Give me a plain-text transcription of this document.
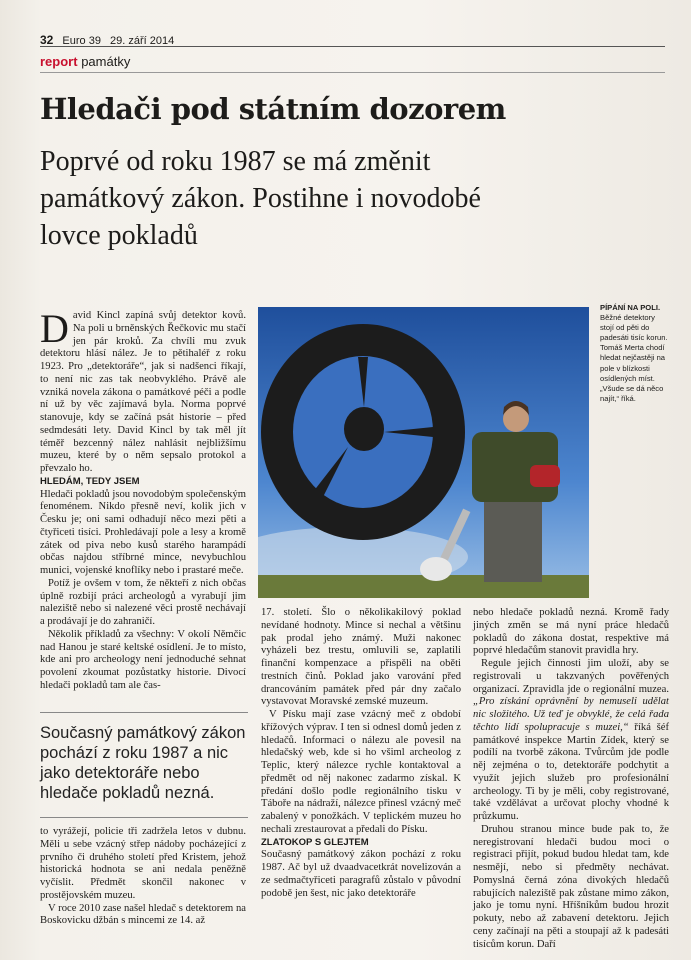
32 Euro 39 29. září 2014
report památky
Hledači pod státním dozorem
Poprvé od roku 1987 se má změnit památkový zákon. Postihne i novodobé lovce pokladů

David Kincl zapíná svůj detektor kovů. Na poli u brněnských Řečkovic mu stačí jen pár kroků. Za chvíli mu zvuk detektoru hlásí nález. Je to pětihaléř z roku 1923. Pro „detektoráře“, jak si nadšenci říkají, to není nic zas tak neobvyklého. Právě ale vzniká novela zákona o památkové péči a podle ní už by věc zajímavá byla. Norma poprvé stanovuje, kdy se začíná psát historie – před sedmdesáti lety. David Kincl by tak měl jít téměř bezcenný nález nahlásit nejbližšímu muzeu, které by o něm sepsalo protokol a převzalo ho.

HLEDÁM, TEDY JSEM

Hledači pokladů jsou novodobým společenským fenoménem. Nikdo přesně neví, kolik jich v Česku je; oni sami odhadují něco mezi pěti a čtyřiceti tisíci. Prohledávají pole a lesy a kromě zátek od piva nebo kusů starého harampádí občas najdou stříbrné mince, nevybuchlou munici, vojenské knoflíky nebo i prastaré meče.

Potíž je ovšem v tom, že někteří z nich občas úplně rozbijí práci archeologů a vyrabují jim naleziště nebo si nalezené věci prostě nechávají a prodávají je do zahraničí.

Několik příkladů za všechny: V okolí Němčic nad Hanou je staré keltské osídlení. Je to místo, kde ani pro archeology není jednoduché sehnat povolení zkoumat pozůstatky historie. Divocí hledači pokladů tam ale čas-

Současný památkový zákon pochází z roku 1987 a nic jako detektoráře nebo hledače pokladů nezná.

to vyrážejí, policie tři zadržela letos v dubnu. Měli u sebe vzácný střep nádoby pocházející z prvního či druhého století před Kristem, jehož historická hodnota se ani nedala peněžně vyčíslit. Předmět skončil nakonec v prostějovském muzeu.

V roce 2010 zase našel hledač s detektorem na Boskovicku džbán s mincemi ze 14. až

PÍPÁNÍ NA POLI. Běžné detektory stojí od pěti do padesáti tisíc korun. Tomáš Merta chodí hledat nejčastěji na pole v blízkosti osídlených míst. „Všude se dá něco najít,“ říká.

17. století. Šlo o několikakilový poklad nevídané hodnoty. Mince si nechal a většinu pak prodal jeho známý. Muži nakonec vyházeli bez trestu, omluvili se, zaplatili finanční kompenzace a přispěli na oběti trestních činů. Poklad jako varování před drancováním památek před pár dny začalo vystavovat Moravské zemské muzeum.

V Písku mají zase vzácný meč z období křížových výprav. I ten si odnesl domů jeden z hledačů. Informaci o nálezu ale povesil na hledačský web, kde si ho všiml archeolog z Teplic, který nálezce rychle kontaktoval a předmět od něj nakonec zadarmo získal. K předání došlo podle regionálního tisku v Táboře na nádraží, nálezce přinesl vzácný meč zabalený v ponožkách. V teplickém muzeu ho nechali zrestaurovat a předali do Písku.

ZLATOKOP S GLEJTEM

Současný památkový zákon pochází z roku 1987. Ač byl už dvaadvacetkrát novelizován a ze sedmačtyřiceti paragrafů zůstalo v původní podobě jen šest, nic jako detektoráře

nebo hledače pokladů nezná. Kromě řady jiných změn se má nyní práce hledačů pokladů do zákona dostat, respektive má poprvé hledačům stanovit pravidla hry.

Regule jejich činnosti jim uloží, aby se registrovali u takzvaných pověřených organizací. Zpravidla jde o regionální muzea. „Pro získání oprávnění by nemuseli udělat nic složitého. Už teď je obvyklé, že celá řada těchto lidí spolupracuje s muzei,“ říká šéf památkové inspekce Martin Zídek, který se podílí na tvorbě zákona. Tvůrcům jde podle něj zejména o to, detektoráře podchytit a využít jejich služeb pro profesionální archeology. Ti by je měli, coby registrované, také vzdělávat a určovat plochy vhodné k průzkumu.

Druhou stranou mince bude pak to, že neregistrovaní hledači budou moci o registraci přijít, pokud budou hledat tam, kde nesmějí, nebo si předměty nechávat. Pomyslná černá zóna divokých hledačů rabujících naleziště pak zůstane mimo zákon, jako je tomu nyní. Hříšníkům budou hrozit pokuty, nebo až zabavení detektoru. Jejich ceny začínají na pěti a stoupají až k padesáti tisícům korun. Daří
